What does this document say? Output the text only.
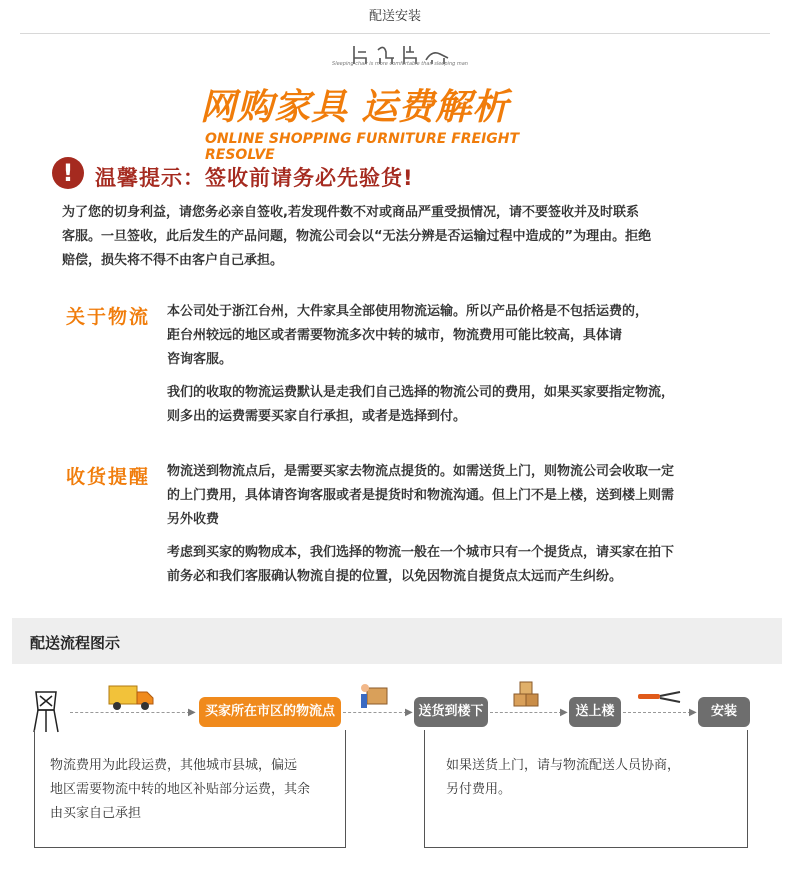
配送安装
Sleeping chair is more comfortable than sleeping man
网购家具 运费解析
ONLINE SHOPPING FURNITURE FREIGHT RESOLVE
!	温馨提示：签收前请务必先验货!
为了您的切身利益，请您务必亲自签收,若发现件数不对或商品严重受损情况，请不要签收并及时联系
客服。一旦签收，此后发生的产品问题，物流公司会以“无法分辨是否运输过程中造成的”为理由。拒绝
赔偿，损失将不得不由客户自己承担。
关于物流 本公司处于浙江台州，大件家具全部使用物流运输。所以产品价格是不包括运费的，
距台州较远的地区或者需要物流多次中转的城市，物流费用可能比较高，具体请
咨询客服。
我们的收取的物流运费默认是走我们自己选择的物流公司的费用，如果买家要指定物流，
则多出的运费需要买家自行承担，或者是选择到付。
收货提醒 物流送到物流点后，是需要买家去物流点提货的。如需送货上门，则物流公司会收取一定
的上门费用，具体请咨询客服或者是提货时和物流沟通。但上门不是上楼，送到楼上则需
另外收费
考虑到买家的购物成本，我们选择的物流一般在一个城市只有一个提货点，请买家在拍下
前务必和我们客服确认物流自提的位置，以免因物流自提货点太远而产生纠纷。
配送流程图示
买家所在市区的物流点	送货到楼下	送上楼	安装
▶	▶	▶	▶
物流费用为此段运费，其他城市县城，偏远
地区需要物流中转的地区补贴部分运费，其余
由买家自己承担
如果送货上门，请与物流配送人员协商，
另付费用。
